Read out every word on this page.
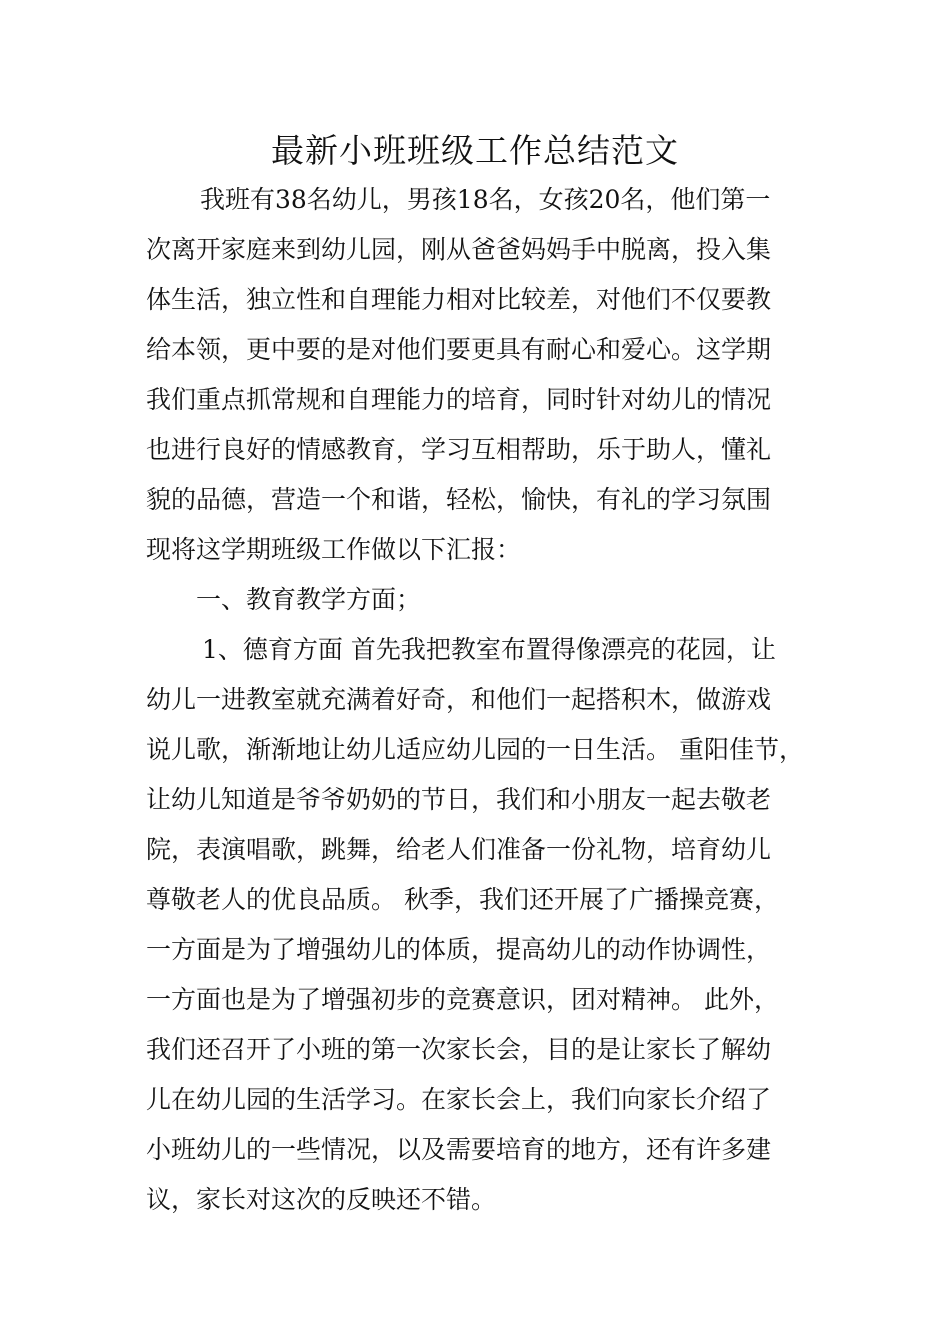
最新小班班级工作总结范文
我班有38名幼儿，男孩18名，女孩20名，他们第一
次离开家庭来到幼儿园，刚从爸爸妈妈手中脱离，投入集
体生活，独立性和自理能力相对比较差，对他们不仅要教
给本领，更中要的是对他们要更具有耐心和爱心。这学期
我们重点抓常规和自理能力的培育，同时针对幼儿的情况
也进行良好的情感教育，学习互相帮助，乐于助人，懂礼
貌的品德，营造一个和谐，轻松，愉快，有礼的学习氛围
现将这学期班级工作做以下汇报：
一、教育教学方面；
1、德育方面 首先我把教室布置得像漂亮的花园，让
幼儿一进教室就充满着好奇，和他们一起搭积木，做游戏
说儿歌，渐渐地让幼儿适应幼儿园的一日生活。 重阳佳节，
让幼儿知道是爷爷奶奶的节日，我们和小朋友一起去敬老
院，表演唱歌，跳舞，给老人们准备一份礼物，培育幼儿
尊敬老人的优良品质。 秋季，我们还开展了广播操竞赛，
一方面是为了增强幼儿的体质，提高幼儿的动作协调性，
一方面也是为了增强初步的竞赛意识，团对精神。 此外，
我们还召开了小班的第一次家长会，目的是让家长了解幼
儿在幼儿园的生活学习。在家长会上，我们向家长介绍了
小班幼儿的一些情况，以及需要培育的地方，还有许多建
议，家长对这次的反映还不错。
